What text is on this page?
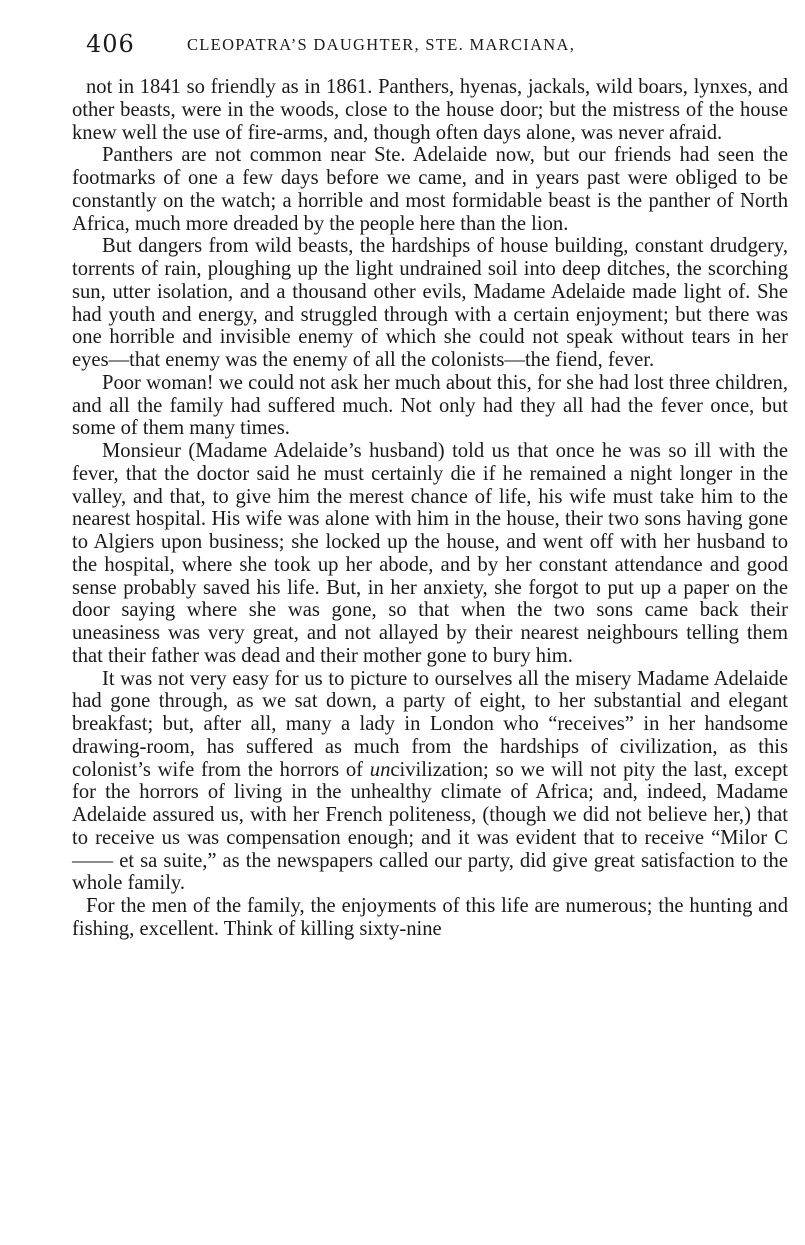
406	CLEOPATRA’S DAUGHTER, STE. MARCIANA,

not in 1841 so friendly as in 1861. Panthers, hyenas, jackals, wild boars, lynxes, and other beasts, were in the woods, close to the house door; but the mistress of the house knew well the use of fire-arms, and, though often days alone, was never afraid.

Panthers are not common near Ste. Adelaide now, but our friends had seen the footmarks of one a few days before we came, and in years past were obliged to be constantly on the watch; a horrible and most formidable beast is the panther of North Africa, much more dreaded by the people here than the lion.

But dangers from wild beasts, the hardships of house building, constant drudgery, torrents of rain, ploughing up the light undrained soil into deep ditches, the scorching sun, utter isolation, and a thousand other evils, Madame Adelaide made light of. She had youth and energy, and struggled through with a certain enjoyment; but there was one horrible and invisible enemy of which she could not speak without tears in her eyes—that enemy was the enemy of all the colonists—the fiend, fever.

Poor woman! we could not ask her much about this, for she had lost three children, and all the family had suffered much. Not only had they all had the fever once, but some of them many times.

Monsieur (Madame Adelaide’s husband) told us that once he was so ill with the fever, that the doctor said he must certainly die if he remained a night longer in the valley, and that, to give him the merest chance of life, his wife must take him to the nearest hospital. His wife was alone with him in the house, their two sons having gone to Algiers upon business; she locked up the house, and went off with her husband to the hospital, where she took up her abode, and by her constant attendance and good sense probably saved his life. But, in her anxiety, she forgot to put up a paper on the door saying where she was gone, so that when the two sons came back their uneasiness was very great, and not allayed by their nearest neighbours telling them that their father was dead and their mother gone to bury him.

It was not very easy for us to picture to ourselves all the misery Madame Adelaide had gone through, as we sat down, a party of eight, to her substantial and elegant breakfast; but, after all, many a lady in London who “receives” in her handsome drawing-room, has suffered as much from the hardships of civilization, as this colonist’s wife from the horrors of uncivilization; so we will not pity the last, except for the horrors of living in the unhealthy climate of Africa; and, indeed, Madame Adelaide assured us, with her French politeness, (though we did not believe her,) that to receive us was compensation enough; and it was evident that to receive “Milor C—— et sa suite,” as the newspapers called our party, did give great satisfaction to the whole family.

For the men of the family, the enjoyments of this life are numerous; the hunting and fishing, excellent. Think of killing sixty-nine
